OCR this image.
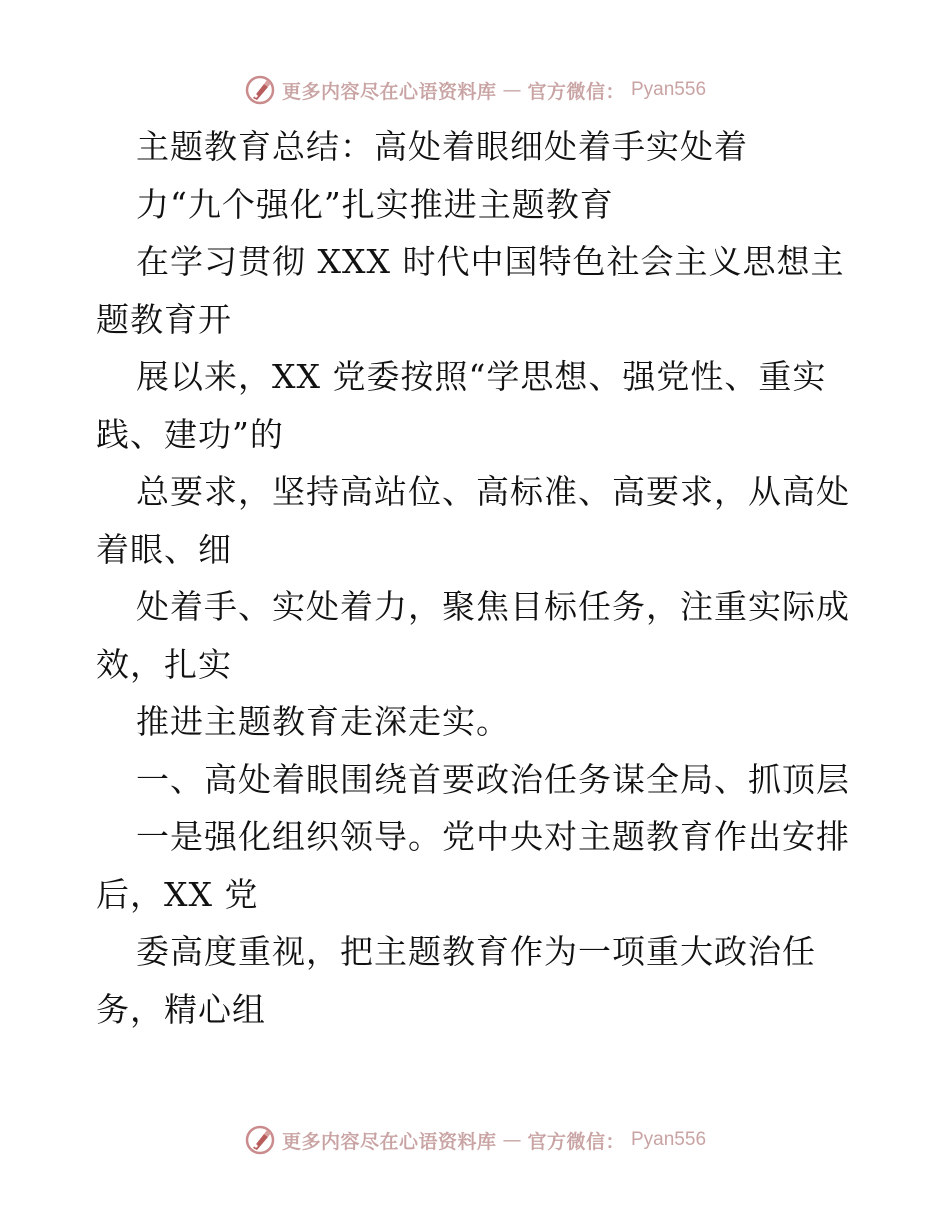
更多内容尽在心语资料库 — 官方微信： Pyan556
主题教育总结：高处着眼细处着手实处着
力“九个强化”扎实推进主题教育
在学习贯彻 XXX 时代中国特色社会主义思想主
题教育开
展以来，XX 党委按照“学思想、强党性、重实
践、建功”的
总要求，坚持高站位、高标准、高要求，从高处
着眼、细
处着手、实处着力，聚焦目标任务，注重实际成
效，扎实
推进主题教育走深走实。
一、高处着眼围绕首要政治任务谋全局、抓顶层
一是强化组织领导。党中央对主题教育作出安排
后，XX 党
委高度重视，把主题教育作为一项重大政治任
务，精心组
更多内容尽在心语资料库 — 官方微信： Pyan556
